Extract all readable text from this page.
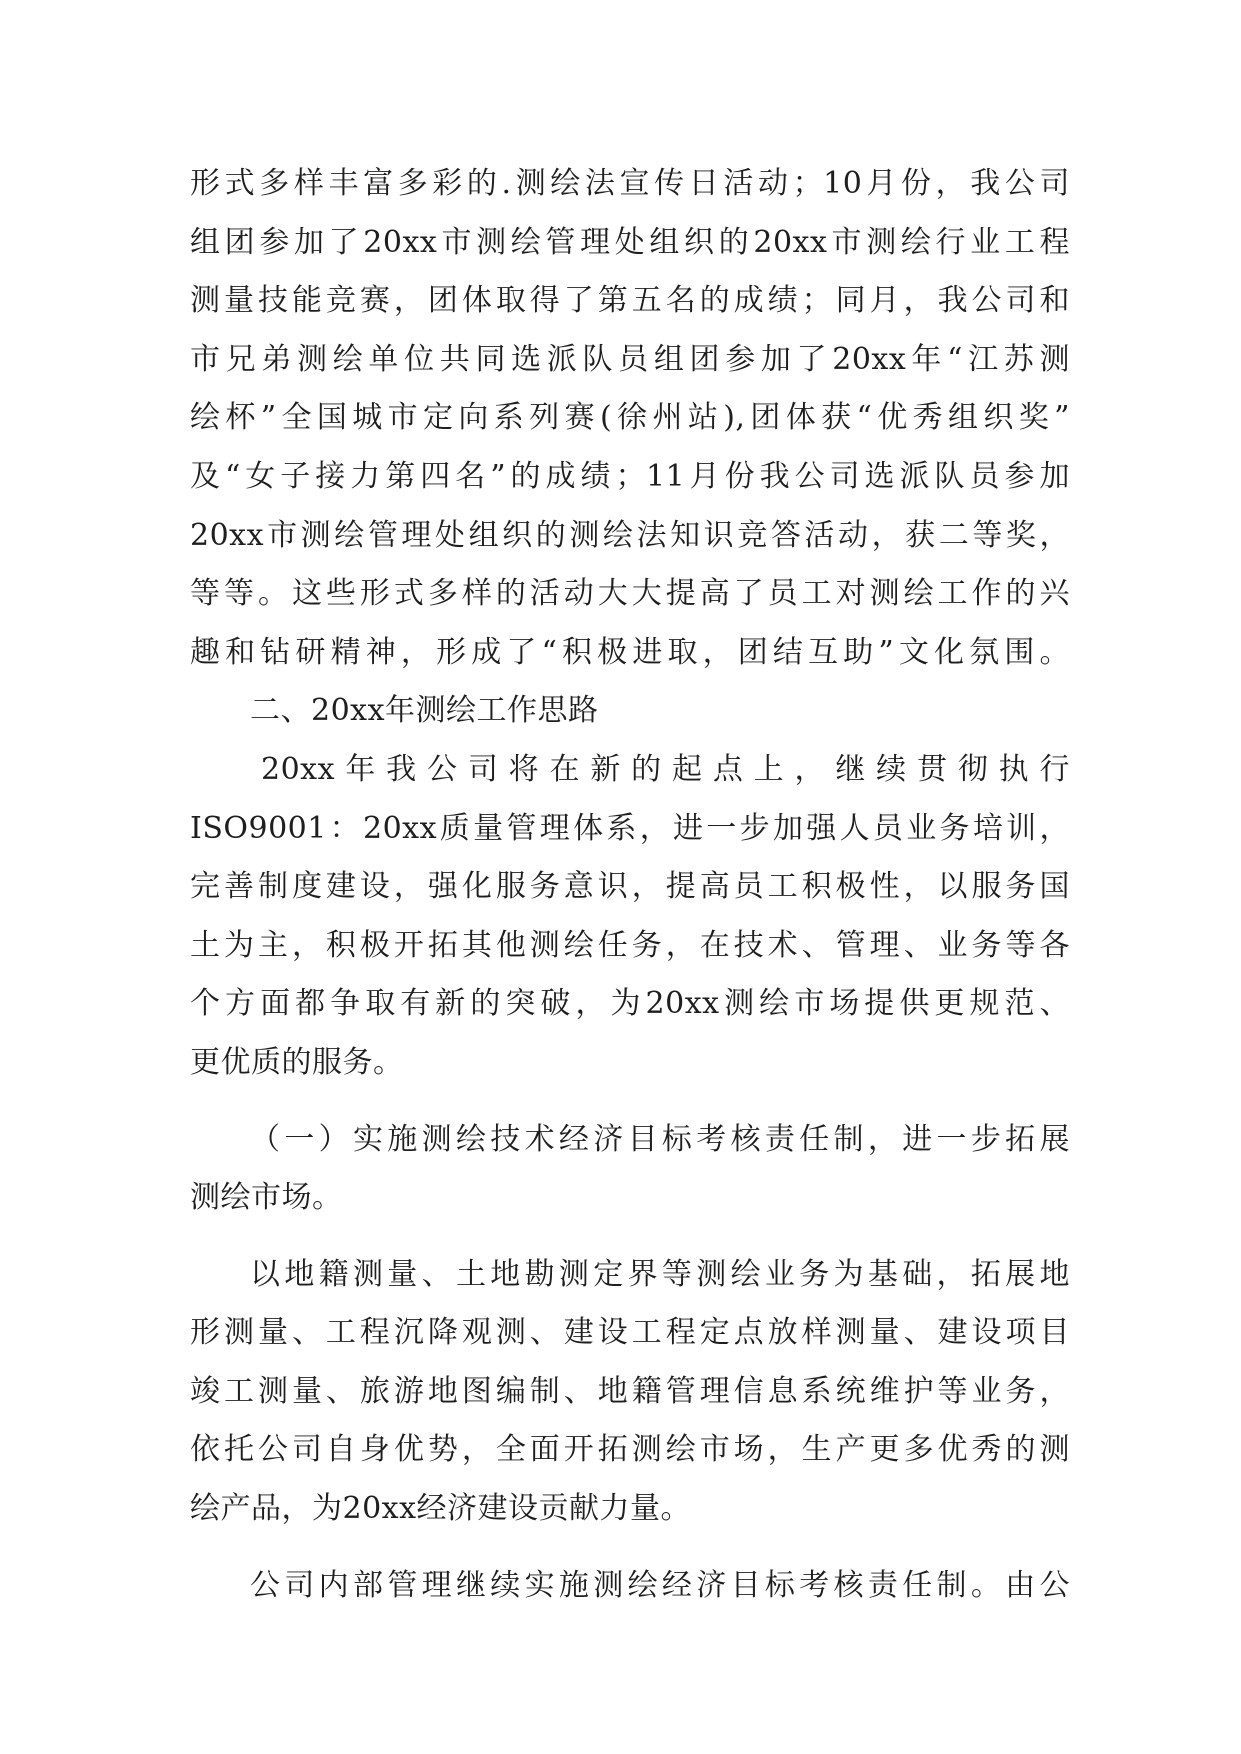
形式多样丰富多彩的.测绘法宣传日活动；10月份，我公司
组团参加了20xx市测绘管理处组织的20xx市测绘行业工程
测量技能竞赛，团体取得了第五名的成绩；同月，我公司和
市兄弟测绘单位共同选派队员组团参加了20xx年“江苏测
绘杯”全国城市定向系列赛(徐州站),团体获“优秀组织奖”
及“女子接力第四名”的成绩；11月份我公司选派队员参加
20xx市测绘管理处组织的测绘法知识竞答活动，获二等奖，
等等。这些形式多样的活动大大提高了员工对测绘工作的兴
趣和钻研精神，形成了“积极进取，团结互助”文化氛围。
二、20xx年测绘工作思路
20xx年我公司将在新的起点上，继续贯彻执行
ISO9001：20xx质量管理体系，进一步加强人员业务培训，
完善制度建设，强化服务意识，提高员工积极性，以服务国
土为主，积极开拓其他测绘任务，在技术、管理、业务等各
个方面都争取有新的突破，为20xx测绘市场提供更规范、
更优质的服务。
（一）实施测绘技术经济目标考核责任制，进一步拓展
测绘市场。
以地籍测量、土地勘测定界等测绘业务为基础，拓展地
形测量、工程沉降观测、建设工程定点放样测量、建设项目
竣工测量、旅游地图编制、地籍管理信息系统维护等业务，
依托公司自身优势，全面开拓测绘市场，生产更多优秀的测
绘产品，为20xx经济建设贡献力量。
公司内部管理继续实施测绘经济目标考核责任制。由公
